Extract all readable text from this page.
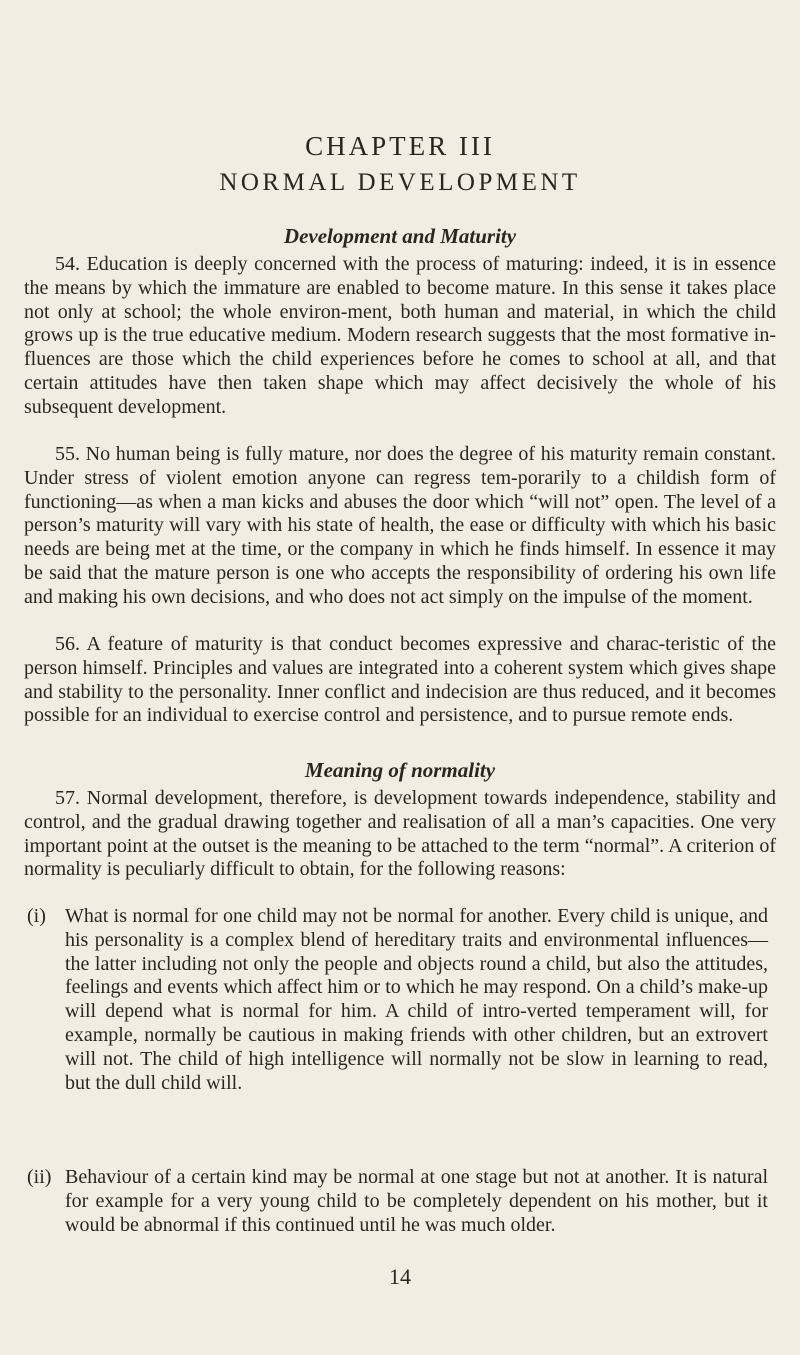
CHAPTER III
NORMAL DEVELOPMENT
Development and Maturity

54. Education is deeply concerned with the process of maturing: indeed, it is in essence the means by which the immature are enabled to become mature. In this sense it takes place not only at school; the whole environ-ment, both human and material, in which the child grows up is the true educative medium. Modern research suggests that the most formative in-fluences are those which the child experiences before he comes to school at all, and that certain attitudes have then taken shape which may affect decisively the whole of his subsequent development.

55. No human being is fully mature, nor does the degree of his maturity remain constant. Under stress of violent emotion anyone can regress tem-porarily to a childish form of functioning—as when a man kicks and abuses the door which “will not” open. The level of a person’s maturity will vary with his state of health, the ease or difficulty with which his basic needs are being met at the time, or the company in which he finds himself. In essence it may be said that the mature person is one who accepts the responsibility of ordering his own life and making his own decisions, and who does not act simply on the impulse of the moment.

56. A feature of maturity is that conduct becomes expressive and charac-teristic of the person himself. Principles and values are integrated into a coherent system which gives shape and stability to the personality. Inner conflict and indecision are thus reduced, and it becomes possible for an individual to exercise control and persistence, and to pursue remote ends.

Meaning of normality

57. Normal development, therefore, is development towards independence, stability and control, and the gradual drawing together and realisation of all a man’s capacities. One very important point at the outset is the meaning to be attached to the term “normal”. A criterion of normality is peculiarly difficult to obtain, for the following reasons:

(i) What is normal for one child may not be normal for another. Every child is unique, and his personality is a complex blend of hereditary traits and environmental influences—the latter including not only the people and objects round a child, but also the attitudes, feelings and events which affect him or to which he may respond. On a child’s make-up will depend what is normal for him. A child of intro-verted temperament will, for example, normally be cautious in making friends with other children, but an extrovert will not. The child of high intelligence will normally not be slow in learning to read, but the dull child will.
(ii) Behaviour of a certain kind may be normal at one stage but not at another. It is natural for example for a very young child to be completely dependent on his mother, but it would be abnormal if this continued until he was much older.
14
